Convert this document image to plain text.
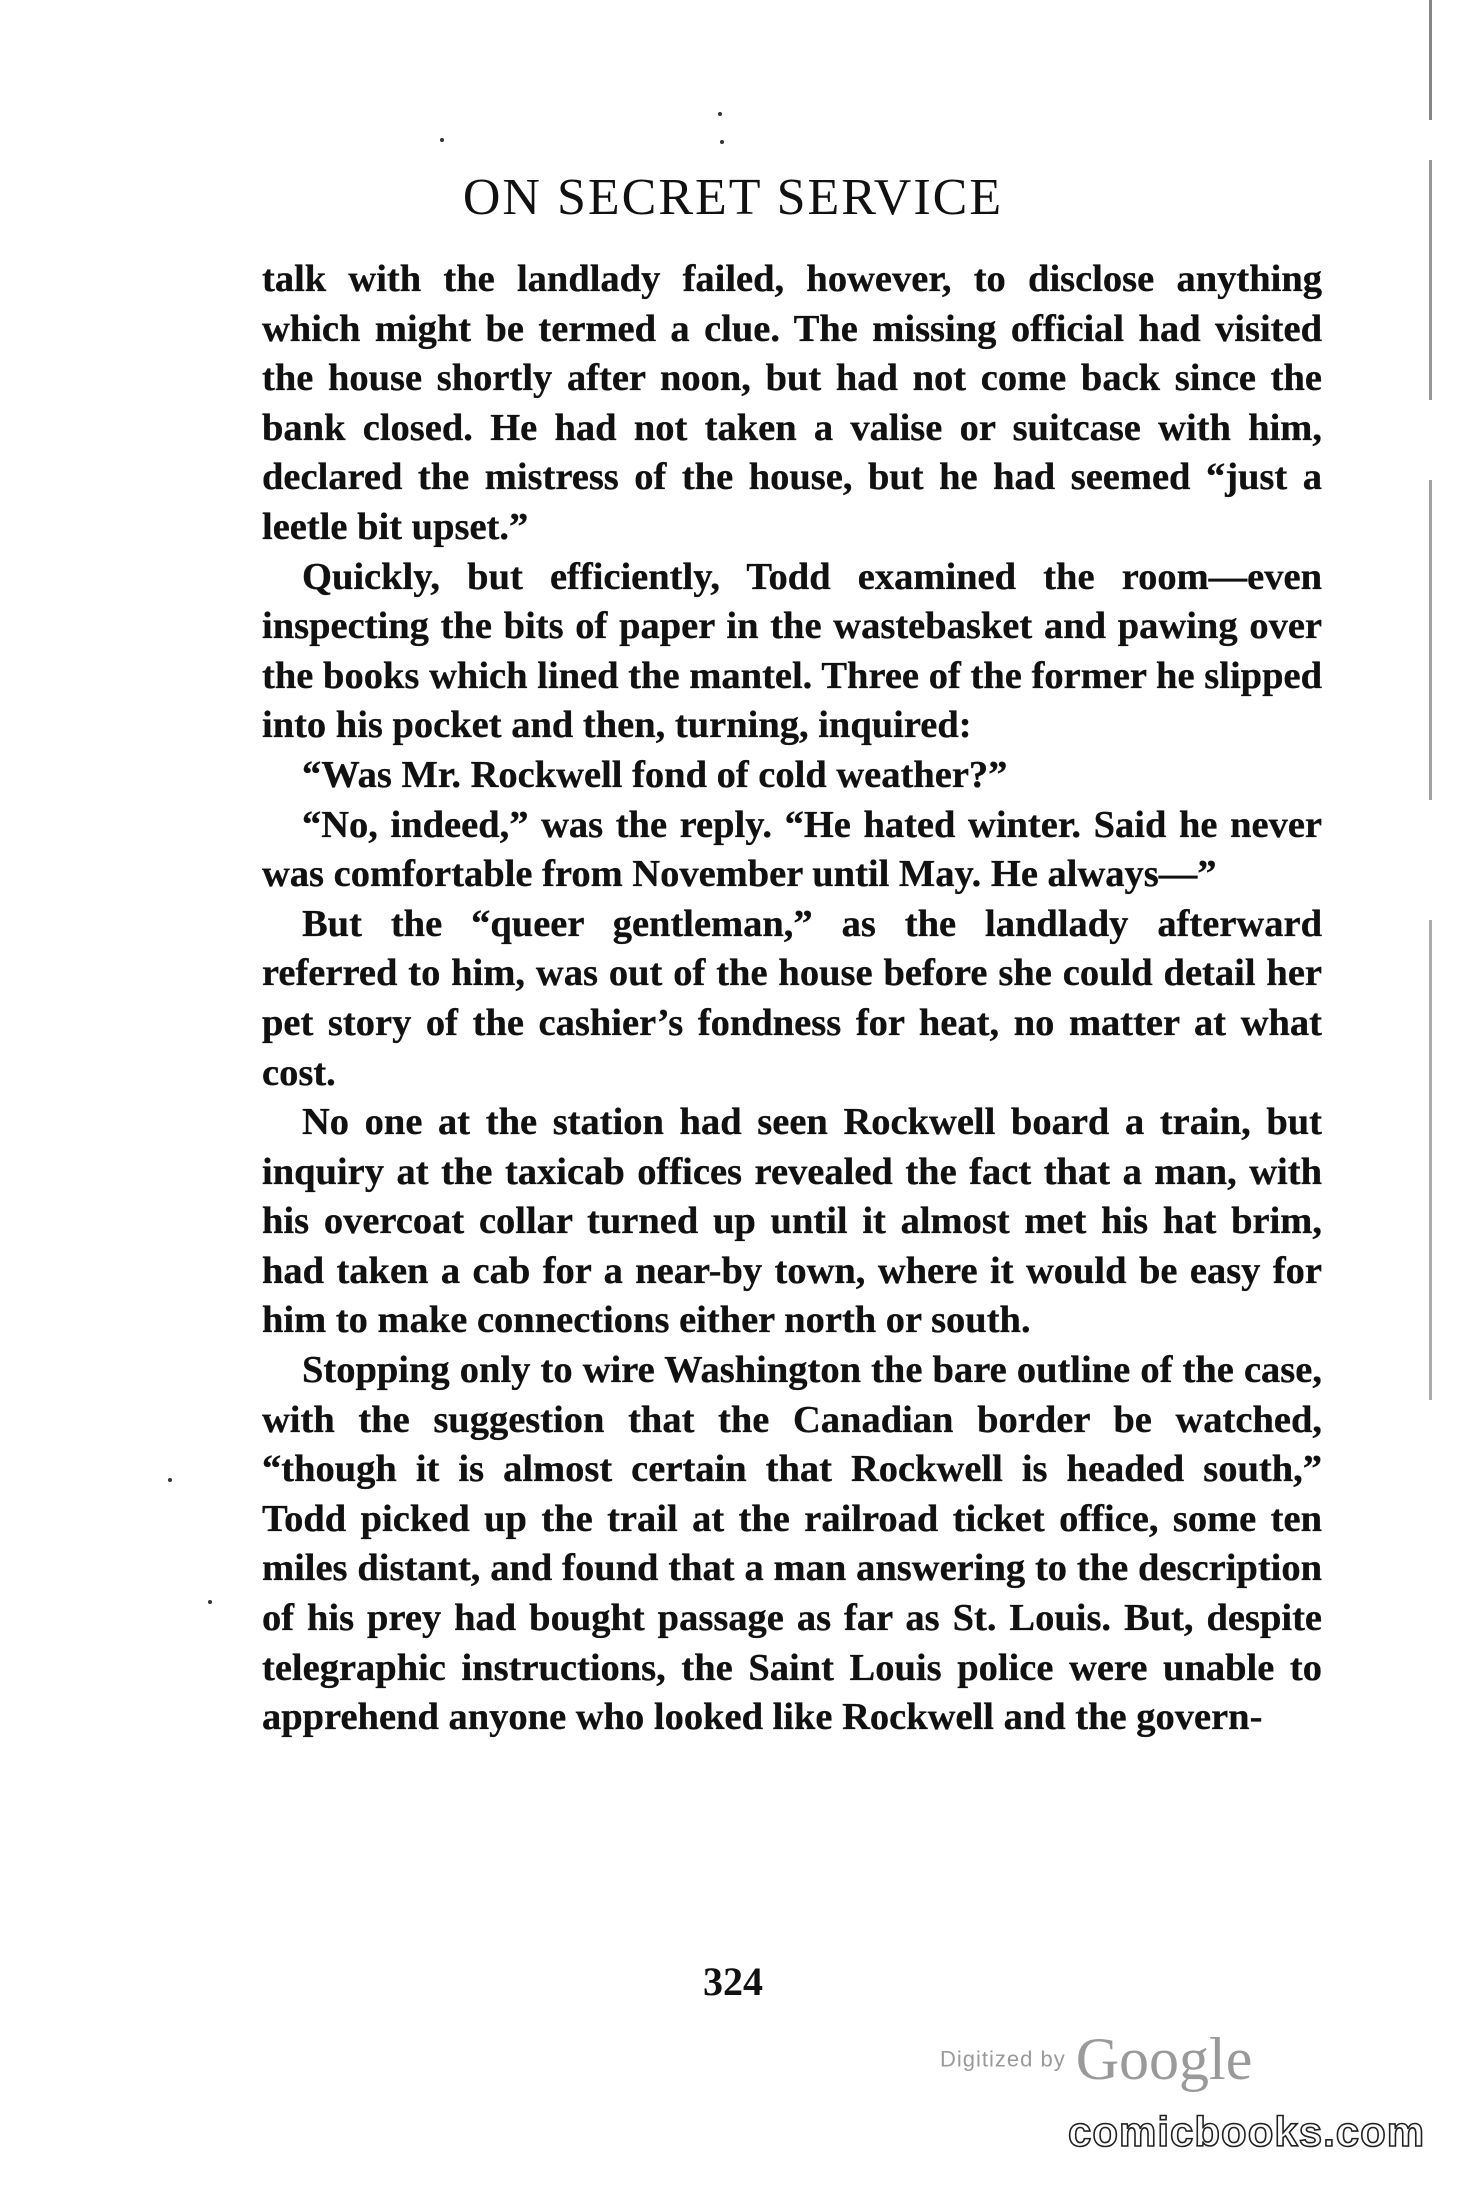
ON SECRET SERVICE

talk with the landlady failed, however, to disclose anything which might be termed a clue. The missing official had visited the house shortly after noon, but had not come back since the bank closed. He had not taken a valise or suitcase with him, declared the mistress of the house, but he had seemed “just a leetle bit upset.”

Quickly, but efficiently, Todd examined the room—even inspecting the bits of paper in the wastebasket and pawing over the books which lined the mantel. Three of the former he slipped into his pocket and then, turning, inquired:

“Was Mr. Rockwell fond of cold weather?”

“No, indeed,” was the reply. “He hated winter. Said he never was comfortable from November until May. He always—”

But the “queer gentleman,” as the landlady afterward referred to him, was out of the house before she could detail her pet story of the cashier’s fondness for heat, no matter at what cost.

No one at the station had seen Rockwell board a train, but inquiry at the taxicab offices revealed the fact that a man, with his overcoat collar turned up until it almost met his hat brim, had taken a cab for a near-by town, where it would be easy for him to make connections either north or south.

Stopping only to wire Washington the bare outline of the case, with the suggestion that the Canadian border be watched, “though it is almost certain that Rockwell is headed south,” Todd picked up the trail at the railroad ticket office, some ten miles distant, and found that a man answering to the description of his prey had bought passage as far as St. Louis. But, despite telegraphic instructions, the Saint Louis police were unable to apprehend anyone who looked like Rockwell and the govern-

324
Digitized by Google
comicbooks.com
